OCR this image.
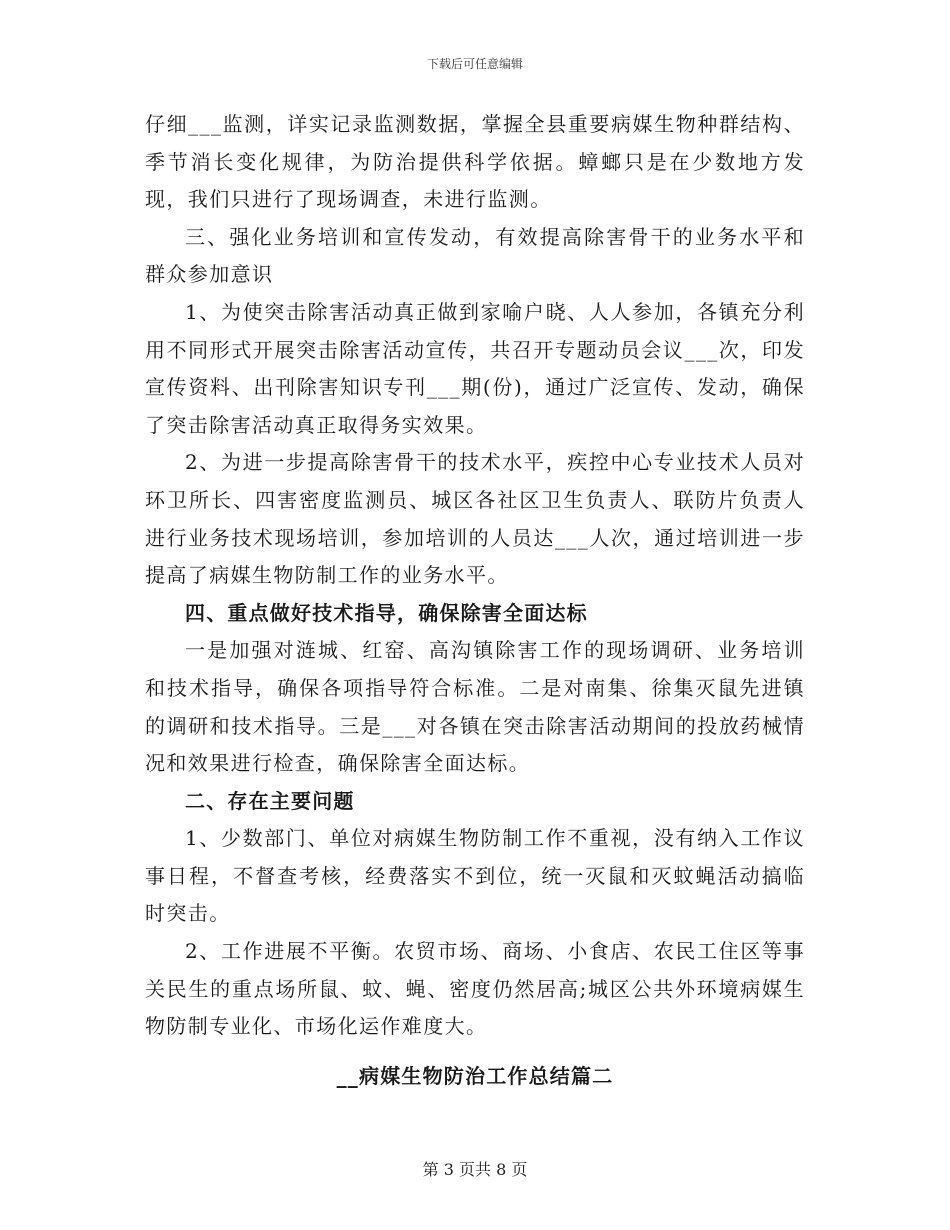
下载后可任意编辑

仔细___监测，详实记录监测数据，掌握全县重要病媒生物种群结构、季节消长变化规律，为防治提供科学依据。蟑螂只是在少数地方发现，我们只进行了现场调查，未进行监测。

三、强化业务培训和宣传发动，有效提高除害骨干的业务水平和群众参加意识

1、为使突击除害活动真正做到家喻户晓、人人参加，各镇充分利用不同形式开展突击除害活动宣传，共召开专题动员会议___次，印发宣传资料、出刊除害知识专刊___期(份)，通过广泛宣传、发动，确保了突击除害活动真正取得务实效果。

2、为进一步提高除害骨干的技术水平，疾控中心专业技术人员对环卫所长、四害密度监测员、城区各社区卫生负责人、联防片负责人进行业务技术现场培训，参加培训的人员达___人次，通过培训进一步提高了病媒生物防制工作的业务水平。

四、重点做好技术指导，确保除害全面达标

一是加强对涟城、红窑、高沟镇除害工作的现场调研、业务培训和技术指导，确保各项指导符合标准。二是对南集、徐集灭鼠先进镇的调研和技术指导。三是___对各镇在突击除害活动期间的投放药械情况和效果进行检查，确保除害全面达标。

二、存在主要问题

1、少数部门、单位对病媒生物防制工作不重视，没有纳入工作议事日程，不督查考核，经费落实不到位，统一灭鼠和灭蚊蝇活动搞临时突击。

2、工作进展不平衡。农贸市场、商场、小食店、农民工住区等事关民生的重点场所鼠、蚊、蝇、密度仍然居高;城区公共外环境病媒生物防制专业化、市场化运作难度大。

__病媒生物防治工作总结篇二

第 3 页共 8 页
